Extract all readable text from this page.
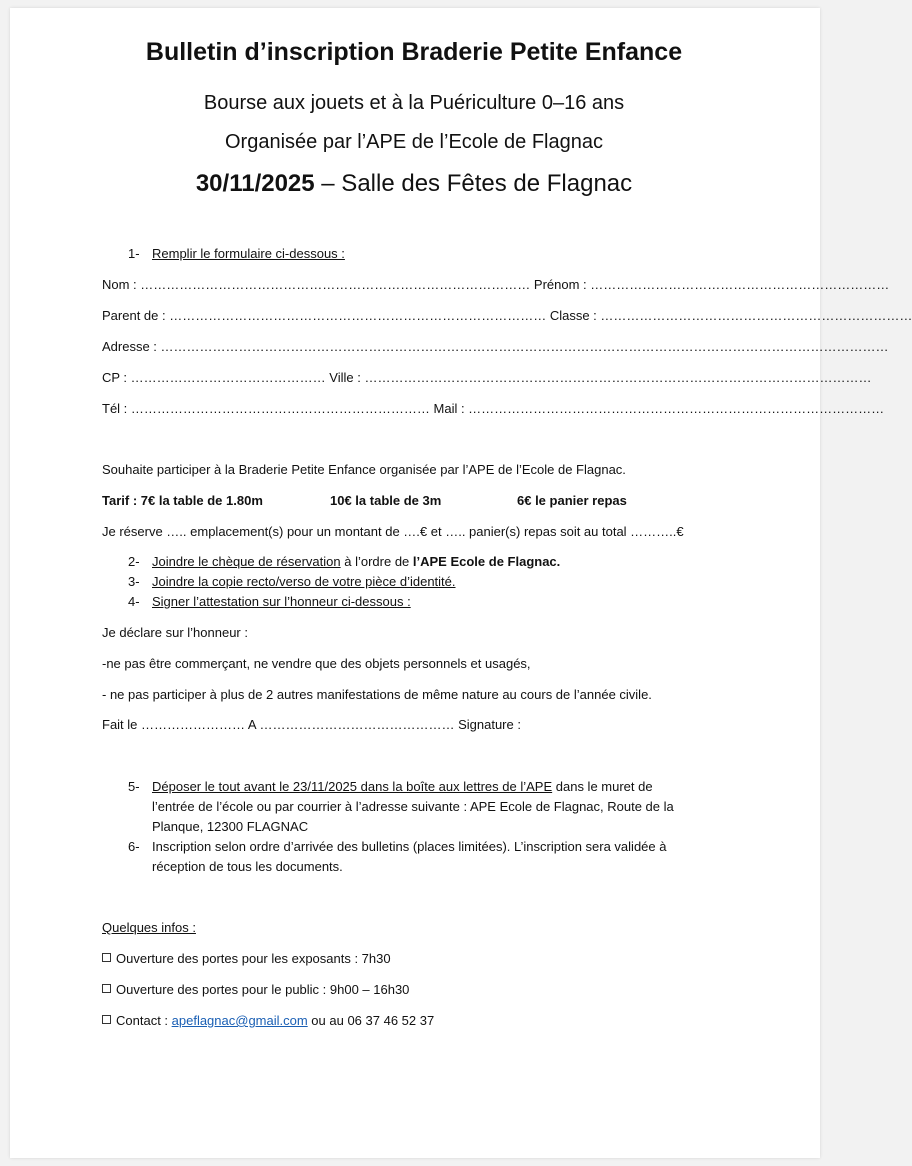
Bulletin d’inscription Braderie Petite Enfance
Bourse aux jouets et à la Puériculture 0–16 ans
Organisée par l’APE de l’Ecole de Flagnac
30/11/2025 – Salle des Fêtes de Flagnac
1- Remplir le formulaire ci-dessous :
Nom : ……………………………………………………………………………… Prénom : ……………………………………………………………
Parent de : …………………………………………………………………………… Classe : ………………………………………………………………
Adresse : ……………………………………………………………………………………………………………………………………………………
CP : ……………………………………… Ville : ………………………………………………………………………………………………………
Tél : …………………………………………………………… Mail : ……………………………………………………………………………………
Souhaite participer à la Braderie Petite Enfance organisée par l’APE de l’Ecole de Flagnac.
Tarif : 7€ la table de 1.80m	10€ la table de 3m	6€ le panier repas
Je réserve ….. emplacement(s) pour un montant de ….€ et ….. panier(s) repas soit au total ………..€
2- Joindre le chèque de réservation à l’ordre de l’APE Ecole de Flagnac.
3- Joindre la copie recto/verso de votre pièce d’identité.
4- Signer l’attestation sur l’honneur ci-dessous :
Je déclare sur l’honneur :
-ne pas être commerçant, ne vendre que des objets personnels et usagés,
- ne pas participer à plus de 2 autres manifestations de même nature au cours de l’année civile.
Fait le …………………… A ……………………………………… Signature :
5- Déposer le tout avant le 23/11/2025 dans la boîte aux lettres de l’APE dans le muret de
l’entrée de l’école ou par courrier à l’adresse suivante : APE Ecole de Flagnac, Route de la
Planque, 12300 FLAGNAC
6- Inscription selon ordre d’arrivée des bulletins (places limitées). L’inscription sera validée à
réception de tous les documents.
Quelques infos :
Ouverture des portes pour les exposants : 7h30
Ouverture des portes pour le public : 9h00 – 16h30
Contact : apeflagnac@gmail.com ou au 06 37 46 52 37
